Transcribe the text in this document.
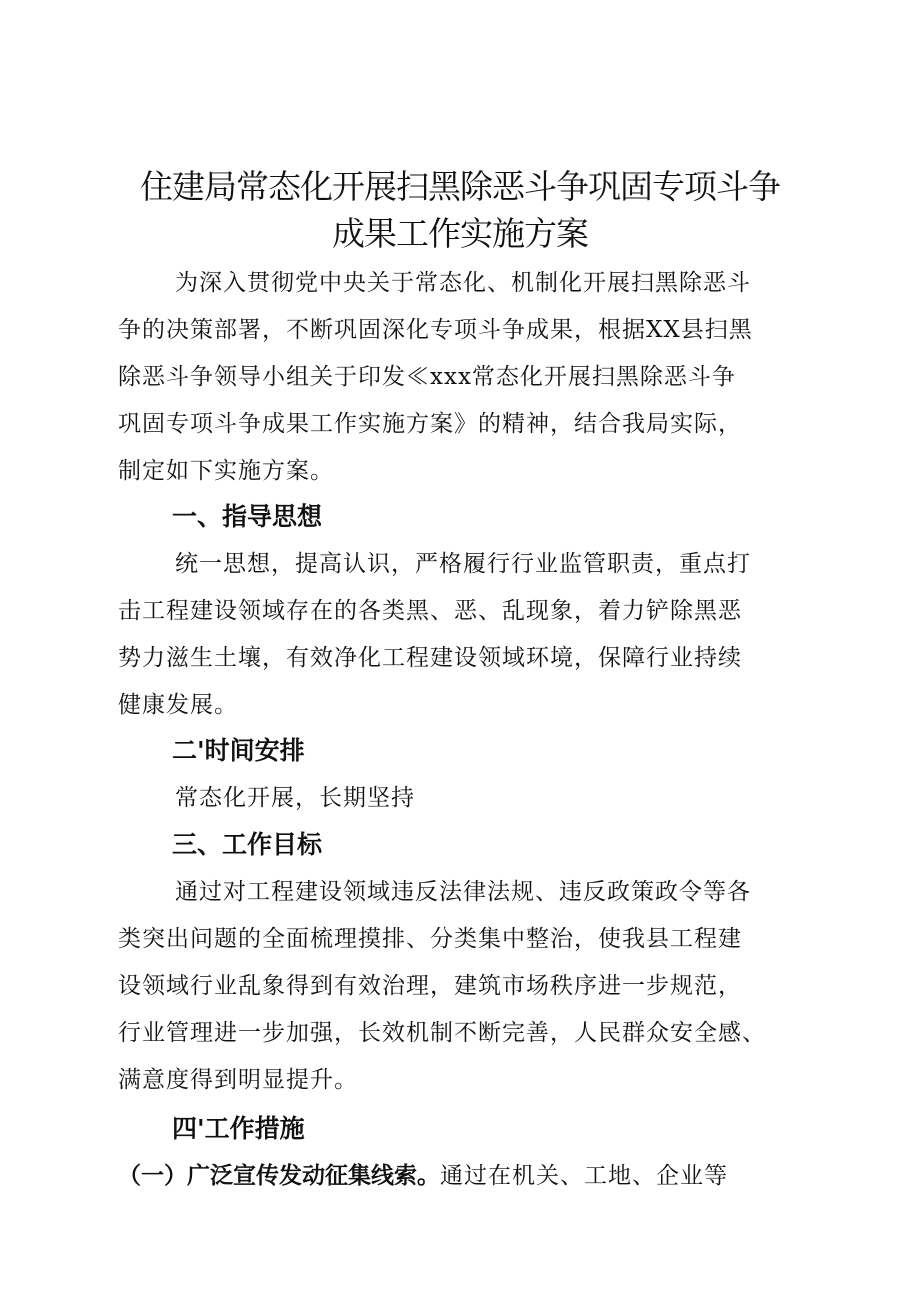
住建局常态化开展扫黑除恶斗争巩固专项斗争
成果工作实施方案

为深入贯彻党中央关于常态化、机制化开展扫黑除恶斗

争的决策部署，不断巩固深化专项斗争成果，根据XX县扫黑

除恶斗争领导小组关于印发≪xxx常态化开展扫黑除恶斗争

巩固专项斗争成果工作实施方案》的精神，结合我局实际，

制定如下实施方案。

一、指导思想

统一思想，提高认识，严格履行行业监管职责，重点打

击工程建设领域存在的各类黑、恶、乱现象，着力铲除黑恶

势力滋生土壤，有效净化工程建设领域环境，保障行业持续

健康发展。

二'时间安排

常态化开展，长期坚持

三、工作目标

通过对工程建设领域违反法律法规、违反政策政令等各

类突出问题的全面梳理摸排、分类集中整治，使我县工程建

设领域行业乱象得到有效治理，建筑市场秩序进一步规范，

行业管理进一步加强，长效机制不断完善，人民群众安全感、

满意度得到明显提升。

四'工作措施

（一）广泛宣传发动征集线索。通过在机关、工地、企业等
